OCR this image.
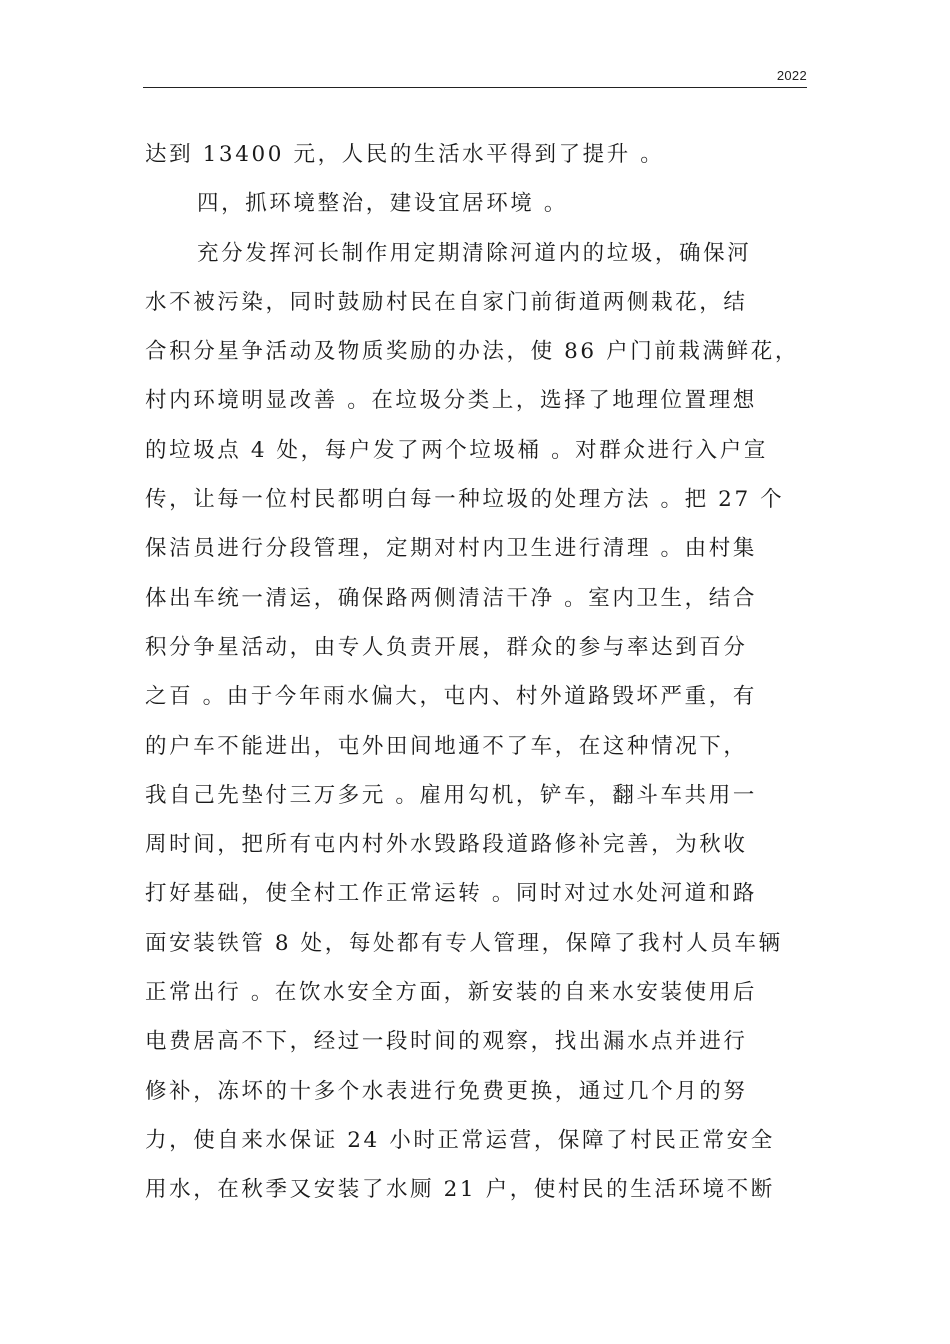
2022
达到 13400 元，人民的生活水平得到了提升 。
四，抓环境整治，建设宜居环境 。
充分发挥河长制作用定期清除河道内的垃圾，确保河
水不被污染，同时鼓励村民在自家门前街道两侧栽花，结
合积分星争活动及物质奖励的办法，使 86 户门前栽满鲜花，
村内环境明显改善 。在垃圾分类上，选择了地理位置理想
的垃圾点 4 处，每户发了两个垃圾桶 。对群众进行入户宣
传，让每一位村民都明白每一种垃圾的处理方法 。把 27 个
保洁员进行分段管理，定期对村内卫生进行清理 。由村集
体出车统一清运，确保路两侧清洁干净 。室内卫生，结合
积分争星活动，由专人负责开展，群众的参与率达到百分
之百 。由于今年雨水偏大，屯内、村外道路毁坏严重，有
的户车不能进出，屯外田间地通不了车，在这种情况下，
我自己先垫付三万多元 。雇用勾机，铲车，翻斗车共用一
周时间，把所有屯内村外水毁路段道路修补完善，为秋收
打好基础，使全村工作正常运转 。同时对过水处河道和路
面安装铁管 8 处，每处都有专人管理，保障了我村人员车辆
正常出行 。在饮水安全方面，新安装的自来水安装使用后
电费居高不下，经过一段时间的观察，找出漏水点并进行
修补，冻坏的十多个水表进行免费更换，通过几个月的努
力，使自来水保证 24 小时正常运营，保障了村民正常安全
用水，在秋季又安装了水厕 21 户，使村民的生活环境不断
